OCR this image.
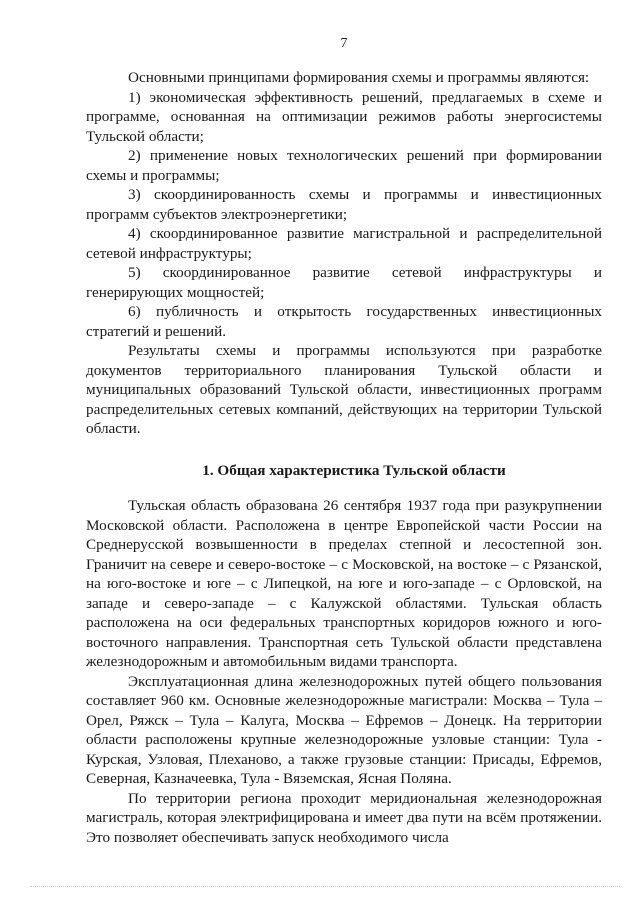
7

Основными принципами формирования схемы и программы являются:

1) экономическая эффективность решений, предлагаемых в схеме и программе, основанная на оптимизации режимов работы энергосистемы Тульской области;

2) применение новых технологических решений при формировании схемы и программы;

3) скоординированность схемы и программы и инвестиционных программ субъектов электроэнергетики;

4) скоординированное развитие магистральной и распределительной сетевой инфраструктуры;

5) скоординированное развитие сетевой инфраструктуры и генерирующих мощностей;

6) публичность и открытость государственных инвестиционных стратегий и решений.

Результаты схемы и программы используются при разработке документов территориального планирования Тульской области и муниципальных образований Тульской области, инвестиционных программ распределительных сетевых компаний, действующих на территории Тульской области.

1. Общая характеристика Тульской области

Тульская область образована 26 сентября 1937 года при разукрупнении Московской области. Расположена в центре Европейской части России на Среднерусской возвышенности в пределах степной и лесостепной зон. Граничит на севере и северо-востоке – с Московской, на востоке – с Рязанской, на юго-востоке и юге – с Липецкой, на юге и юго-западе – с Орловской, на западе и северо-западе – с Калужской областями. Тульская область расположена на оси федеральных транспортных коридоров южного и юго-восточного направления. Транспортная сеть Тульской области представлена железнодорожным и автомобильным видами транспорта.

Эксплуатационная длина железнодорожных путей общего пользования составляет 960 км. Основные железнодорожные магистрали: Москва – Тула – Орел, Ряжск – Тула – Калуга, Москва – Ефремов – Донецк. На территории области расположены крупные железнодорожные узловые станции: Тула - Курская, Узловая, Плеханово, а также грузовые станции: Присады, Ефремов, Северная, Казначеевка, Тула - Вяземская, Ясная Поляна.

По территории региона проходит меридиональная железнодорожная магистраль, которая электрифицирована и имеет два пути на всём протяжении. Это позволяет обеспечивать запуск необходимого числа
